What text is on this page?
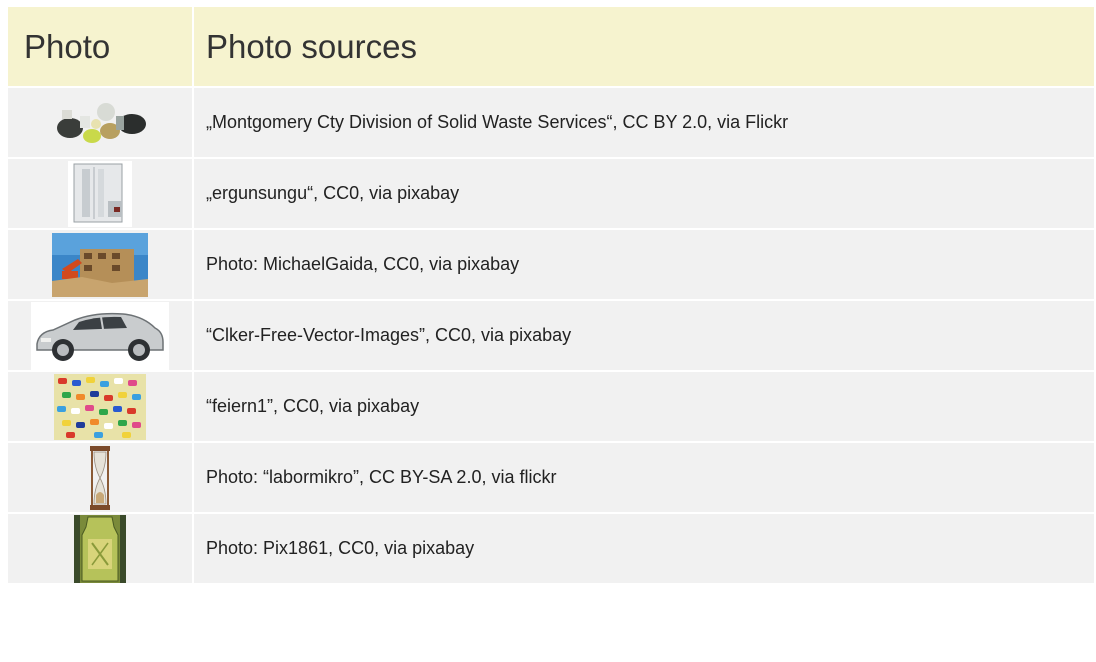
Photo	Photo sources

	„Montgomery Cty Division of Solid Waste Services“, CC BY 2.0, via Flickr

	„ergunsungu“, CC0, via pixabay

	Photo: MichaelGaida, CC0, via pixabay

	“Clker-Free-Vector-Images”, CC0, via pixabay

	“feiern1”, CC0, via pixabay

	Photo: “labormikro”, CC BY-SA 2.0, via flickr

	Photo: Pix1861, CC0, via pixabay
